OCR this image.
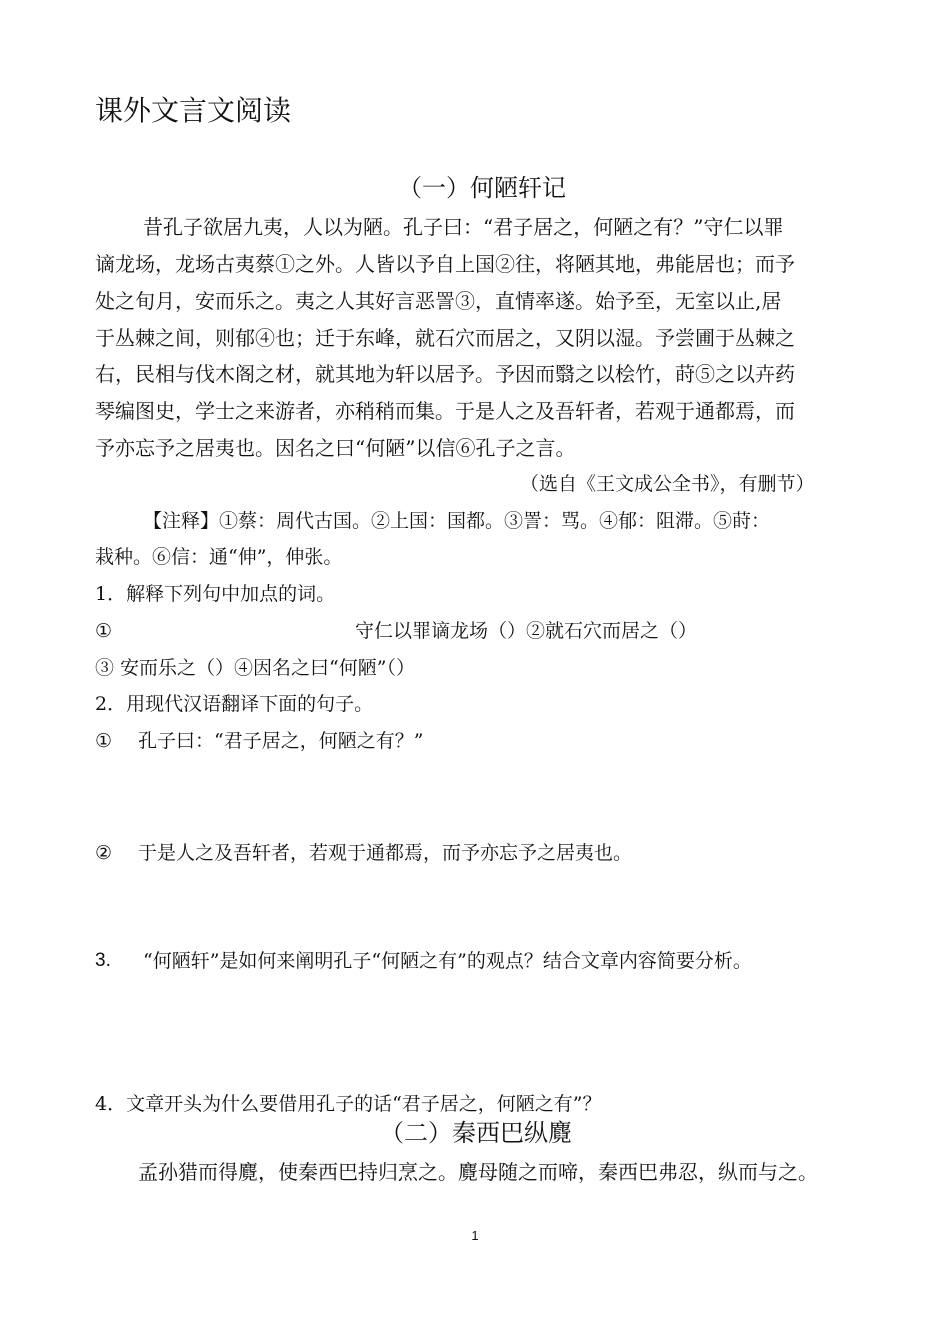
课外文言文阅读
（一）何陋轩记
昔孔子欲居九夷，人以为陋。孔子曰：“君子居之，何陋之有？”守仁以罪
谪龙场，龙场古夷蔡①之外。人皆以予自上国②往，将陋其地，弗能居也；而予
处之旬月，安而乐之。夷之人其好言恶詈③，直情率遂。始予至，无室以止,居
于丛棘之间，则郁④也；迁于东峰，就石穴而居之，又阴以湿。予尝圃于丛棘之
右，民相与伐木阁之材，就其地为轩以居予。予因而翳之以桧竹，莳⑤之以卉药
琴编图史，学士之来游者，亦稍稍而集。于是人之及吾轩者，若观于通都焉，而
予亦忘予之居夷也。因名之曰“何陋”以信⑥孔子之言。
（选自《王文成公全书》，有删节）
【注释】①蔡：周代古国。②上国：国都。③詈：骂。④郁：阻滞。⑤莳：
栽种。⑥信：通“伸”，伸张。
1．解释下列句中加点的词。
①	守仁以罪谪龙场（）②就石穴而居之（）
③ 安而乐之（）④因名之曰“何陋”（）
2．用现代汉语翻译下面的句子。
① 孔子曰：“君子居之，何陋之有？”
② 于是人之及吾轩者，若观于通都焉，而予亦忘予之居夷也。
3. “何陋轩”是如何来阐明孔子“何陋之有”的观点？结合文章内容简要分析。
4．文章开头为什么要借用孔子的话“君子居之，何陋之有”？
（二）秦西巴纵麑
孟孙猎而得麑，使秦西巴持归烹之。麑母随之而啼，秦西巴弗忍，纵而与之。
1
